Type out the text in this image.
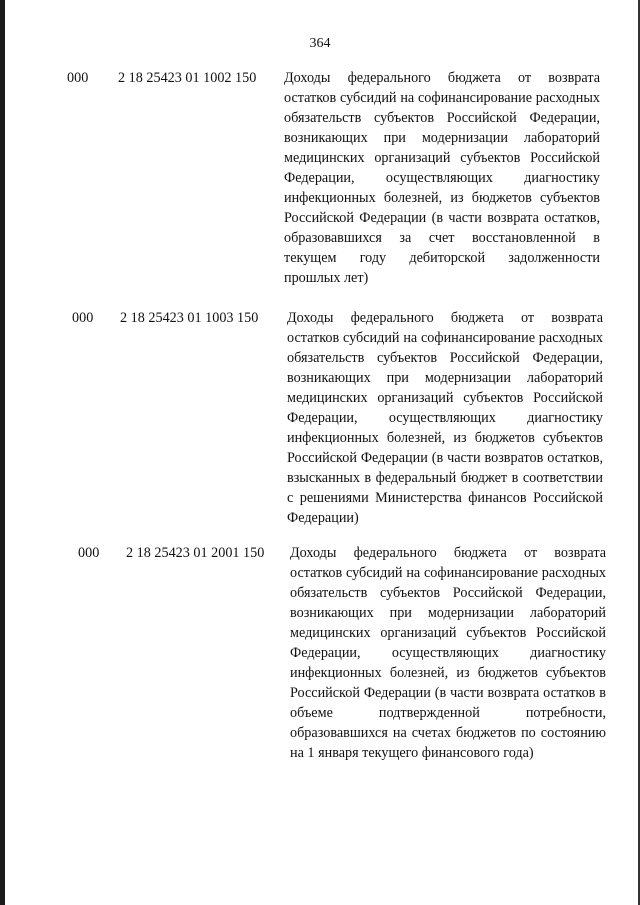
364
000	2 18 25423 01 1002 150 Доходы федерального бюджета от возврата остатков субсидий на софинансирование расходных обязательств субъектов Российской Федерации, возникающих при модернизации лабораторий медицинских организаций субъектов Российской Федерации, осуществляющих диагностику инфекционных болезней, из бюджетов субъектов Российской Федерации (в части возврата остатков, образовавшихся за счет восстановленной в текущем году дебиторской задолженности прошлых лет)
000	2 18 25423 01 1003 150 Доходы федерального бюджета от возврата остатков субсидий на софинансирование расходных обязательств субъектов Российской Федерации, возникающих при модернизации лабораторий медицинских организаций субъектов Российской Федерации, осуществляющих диагностику инфекционных болезней, из бюджетов субъектов Российской Федерации (в части возвратов остатков, взысканных в федеральный бюджет в соответствии с решениями Министерства финансов Российской Федерации)
000	2 18 25423 01 2001 150 Доходы федерального бюджета от возврата остатков субсидий на софинансирование расходных обязательств субъектов Российской Федерации, возникающих при модернизации лабораторий медицинских организаций субъектов Российской Федерации, осуществляющих диагностику инфекционных болезней, из бюджетов субъектов Российской Федерации (в части возврата остатков в объеме подтвержденной потребности, образовавшихся на счетах бюджетов по состоянию на 1 января текущего финансового года)
